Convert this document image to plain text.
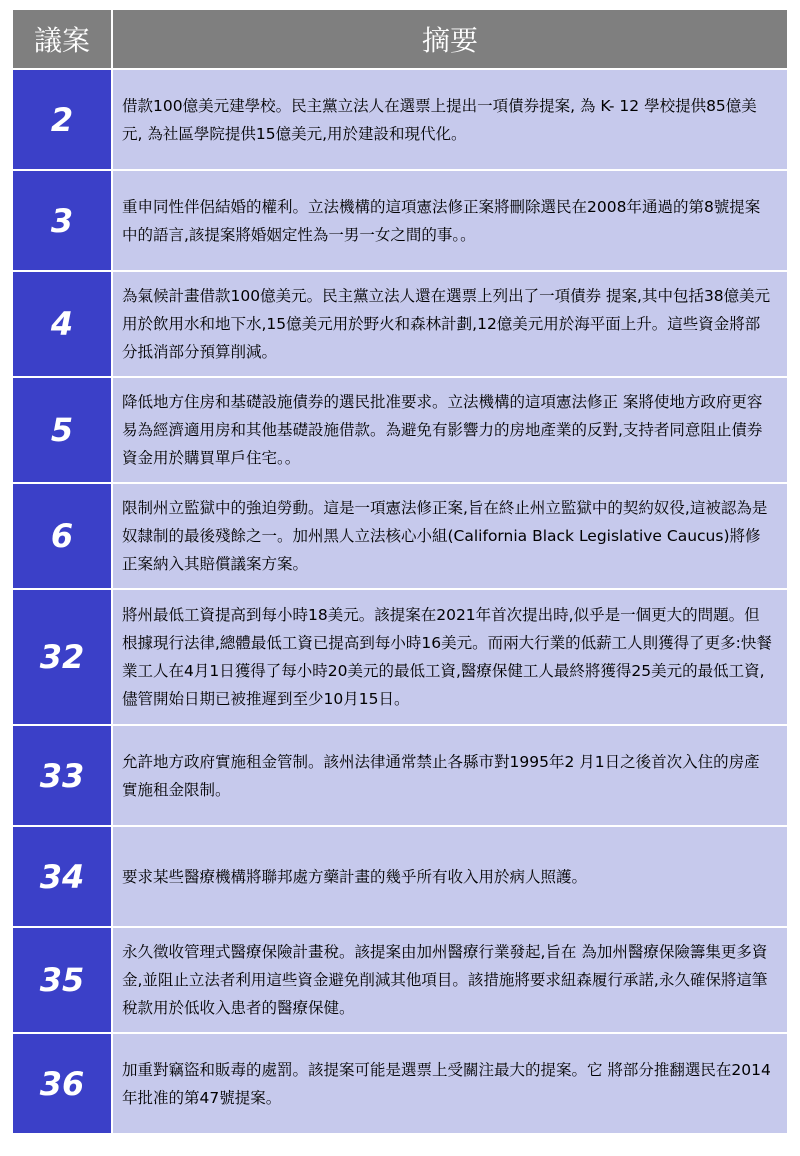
議案	摘要
2	借款100億美元建學校。民主黨立法人在選票上提出一項債券提案, 為 K- 12 學校提供85億美元, 為社區學院提供15億美元,用於建設和現代化。
3	重申同性伴侶結婚的權利。立法機構的這項憲法修正案將刪除選民在2008年通過的第8號提案中的語言,該提案將婚姻定性為一男一女之間的事。。
4	為氣候計畫借款100億美元。民主黨立法人還在選票上列出了一項債券 提案,其中包括38億美元用於飲用水和地下水,15億美元用於野火和森林計劃,12億美元用於海平面上升。這些資金將部分抵消部分預算削減。
5	降低地方住房和基礎設施債券的選民批准要求。立法機構的這項憲法修正 案將使地方政府更容易為經濟適用房和其他基礎設施借款。為避免有影響力的房地產業的反對,支持者同意阻止債券資金用於購買單戶住宅。。
6	限制州立監獄中的強迫勞動。這是一項憲法修正案,旨在終止州立監獄中的契約奴役,這被認為是奴隸制的最後殘餘之一。加州黑人立法核心小組(California Black Legislative Caucus)將修正案納入其賠償議案方案。
32	將州最低工資提高到每小時18美元。該提案在2021年首次提出時,似乎是一個更大的問題。但根據現行法律,總體最低工資已提高到每小時16美元。而兩大行業的低薪工人則獲得了更多:快餐業工人在4月1日獲得了每小時20美元的最低工資,醫療保健工人最終將獲得25美元的最低工資,儘管開始日期已被推遲到至少10月15日。
33	允許地方政府實施租金管制。該州法律通常禁止各縣市對1995年2 月1日之後首次入住的房產實施租金限制。
34	要求某些醫療機構將聯邦處方藥計畫的幾乎所有收入用於病人照護。
35	永久徵收管理式醫療保險計畫稅。該提案由加州醫療行業發起,旨在 為加州醫療保險籌集更多資金,並阻止立法者利用這些資金避免削減其他項目。該措施將要求紐森履行承諾,永久確保將這筆稅款用於低收入患者的醫療保健。
36	加重對竊盜和販毒的處罰。該提案可能是選票上受關注最大的提案。它 將部分推翻選民在2014年批准的第47號提案。
